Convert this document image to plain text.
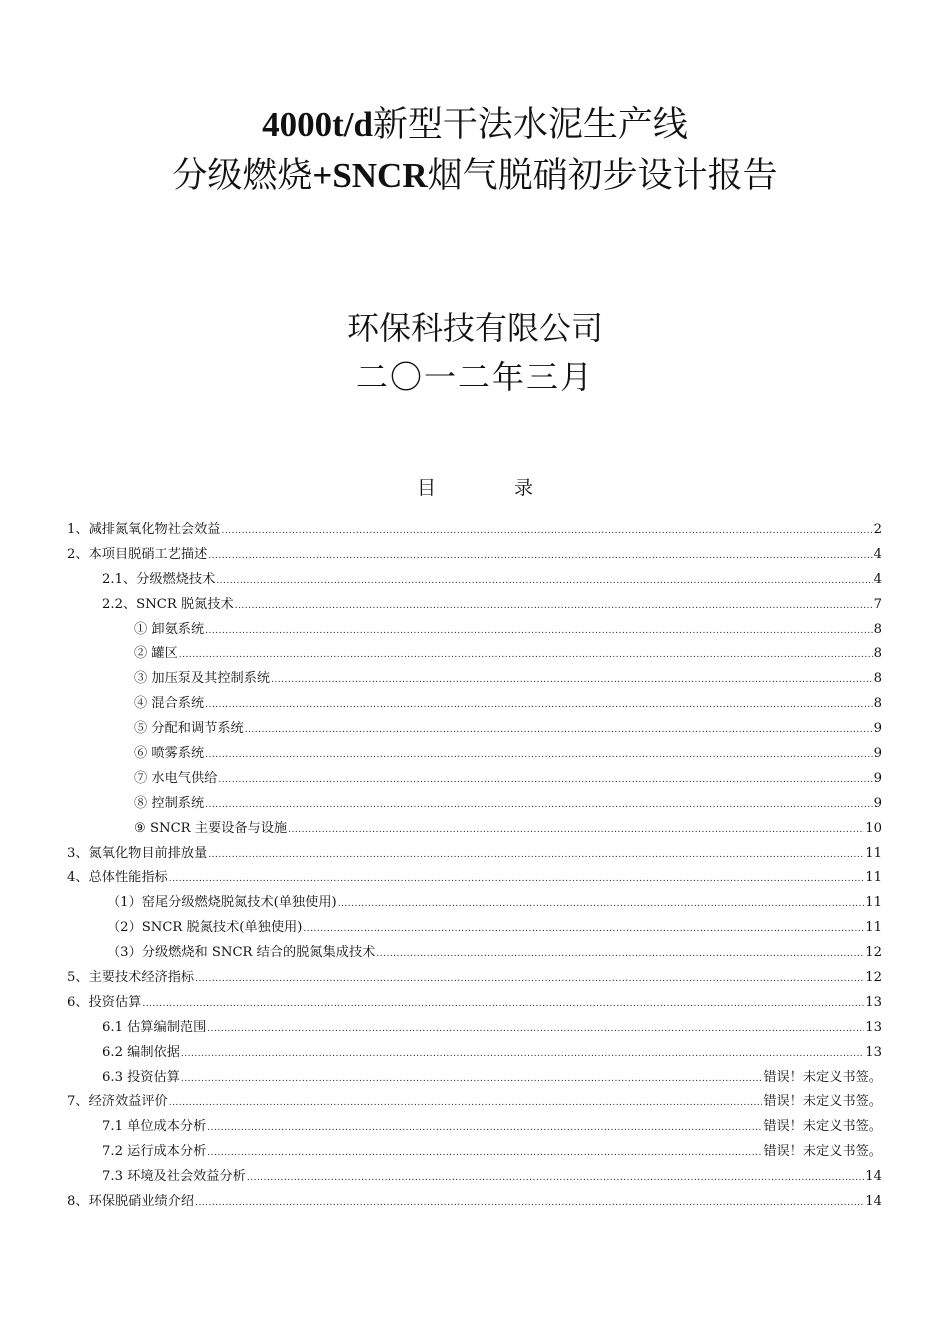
4000t/d新型干法水泥生产线
分级燃烧+SNCR烟气脱硝初步设计报告
环保科技有限公司
二〇一二年三月
目	录
1、减排氮氧化物社会效益 .....	2
2、本项目脱硝工艺描述 .....	4
2.1、分级燃烧技术 .....	4
2.2、SNCR 脱氮技术 .....	7
① 卸氨系统 .....	8
② 罐区 .....	8
③ 加压泵及其控制系统 .....	8
④ 混合系统 .....	8
⑤ 分配和调节系统 .....	9
⑥ 喷雾系统 .....	9
⑦ 水电气供给 .....	9
⑧ 控制系统 .....	9
⑨ SNCR 主要设备与设施 .....	10
3、氮氧化物目前排放量 .....	11
4、总体性能指标 .....	11
（1）窑尾分级燃烧脱氮技术(单独使用) .....	11
（2）SNCR 脱氮技术(单独使用) .....	11
（3）分级燃烧和 SNCR 结合的脱氮集成技术 .....	12
5、主要技术经济指标 .....	12
6、投资估算 .....	13
6.1 估算编制范围 .....	13
6.2 编制依据 .....	13
6.3 投资估算 .....	错误！未定义书签。
7、经济效益评价 .....	错误！未定义书签。
7.1 单位成本分析 .....	错误！未定义书签。
7.2 运行成本分析 .....	错误！未定义书签。
7.3 环境及社会效益分析 .....	14
8、环保脱硝业绩介绍 .....	14
